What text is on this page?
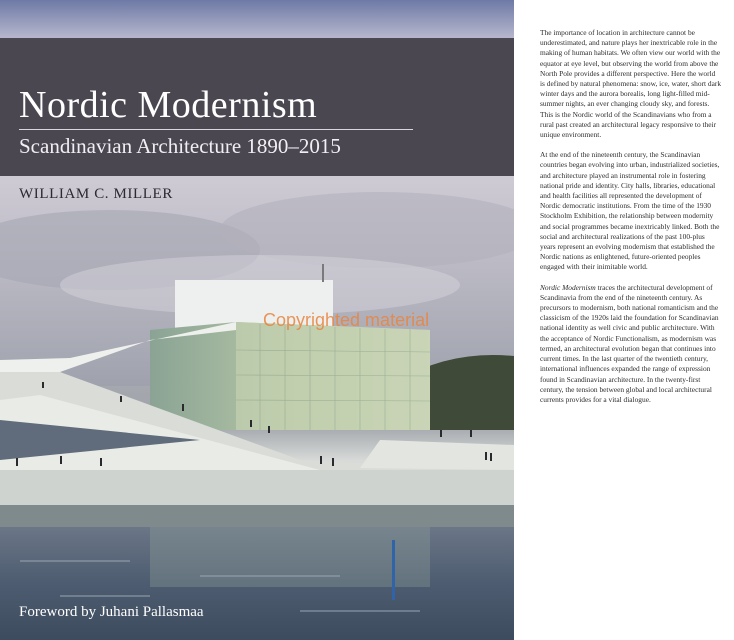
Nordic Modernism
Scandinavian Architecture 1890–2015
WILLIAM C. MILLER
Copyrighted material
Foreword by Juhani Pallasmaa

The importance of location in architecture cannot be underestimated, and nature plays her inextricable role in the making of human habitats. We often view our world with the equator at eye level, but observing the world from above the North Pole provides a different perspective. Here the world is defined by natural phenomena: snow, ice, water, short dark winter days and the aurora borealis, long light-filled mid-summer nights, an ever changing cloudy sky, and forests. This is the Nordic world of the Scandinavians who from a rural past created an architectural legacy responsive to their unique environment.

At the end of the nineteenth century, the Scandinavian countries began evolving into urban, industrialized societies, and architecture played an instrumental role in fostering national pride and identity. City halls, libraries, educational and health facilities all represented the development of Nordic democratic institutions. From the time of the 1930 Stockholm Exhibition, the relationship between modernity and social programmes became inextricably linked. Both the social and architectural realizations of the past 100-plus years represent an evolving modernism that established the Nordic nations as enlightened, future-oriented peoples engaged with their inimitable world.

Nordic Modernism traces the architectural development of Scandinavia from the end of the nineteenth century. As precursors to modernism, both national romanticism and the classicism of the 1920s laid the foundation for Scandinavian national identity as well civic and public architecture. With the acceptance of Nordic Functionalism, as modernism was termed, an architectural evolution began that continues into current times. In the last quarter of the twentieth century, international influences expanded the range of expression found in Scandinavian architecture. In the twenty-first century, the tension between global and local architectural currents provides for a vital dialogue.
